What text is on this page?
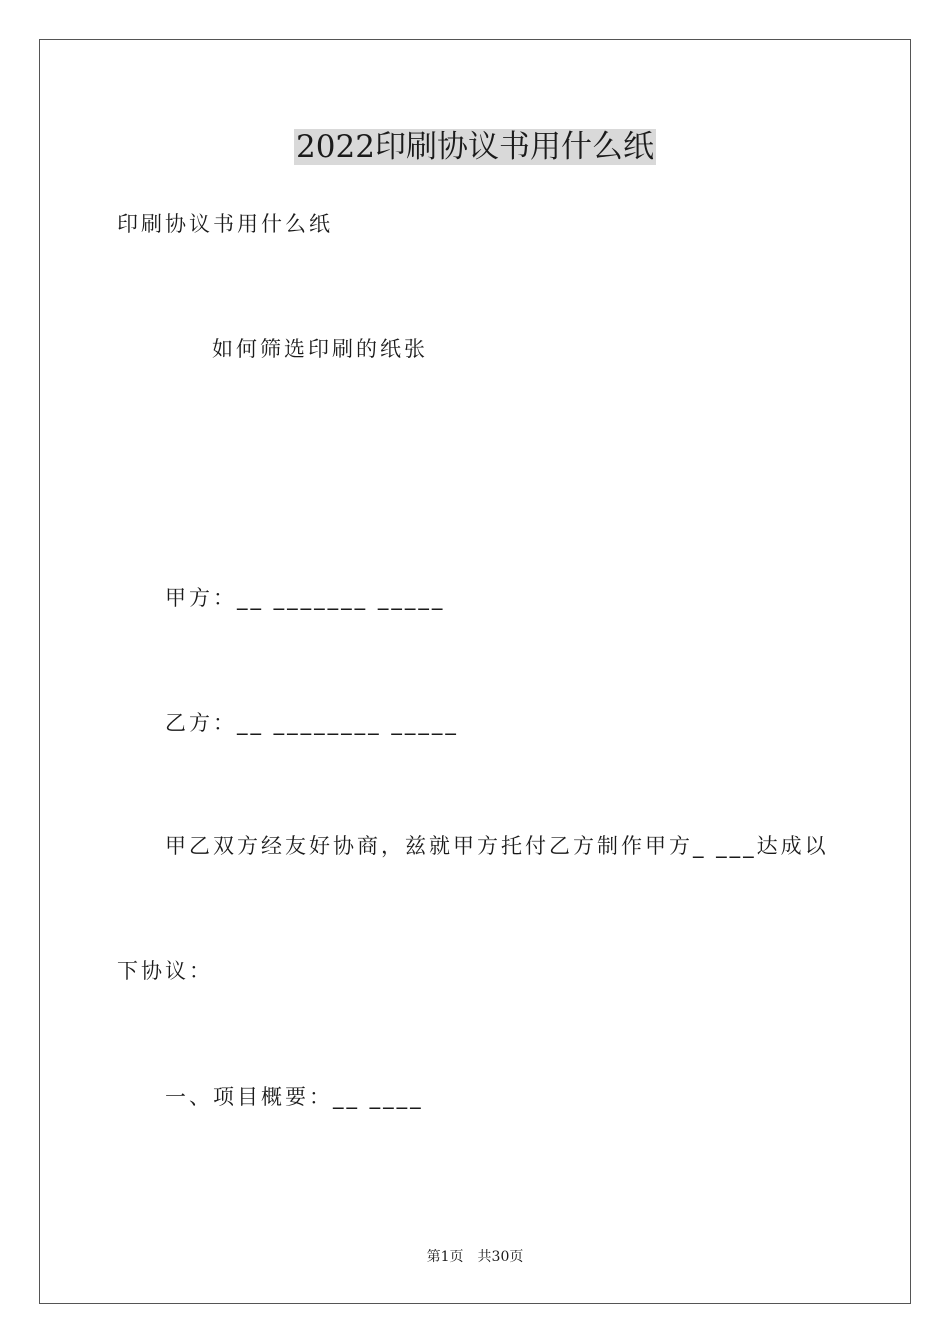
2022印刷协议书用什么纸
印刷协议书用什么纸
如何筛选印刷的纸张
甲方：__ _______ _____
乙方：__ ________ _____
甲乙双方经友好协商，兹就甲方托付乙方制作甲方_ ___达成以
下协议：
一、项目概要：__ ____
第1页 共30页
